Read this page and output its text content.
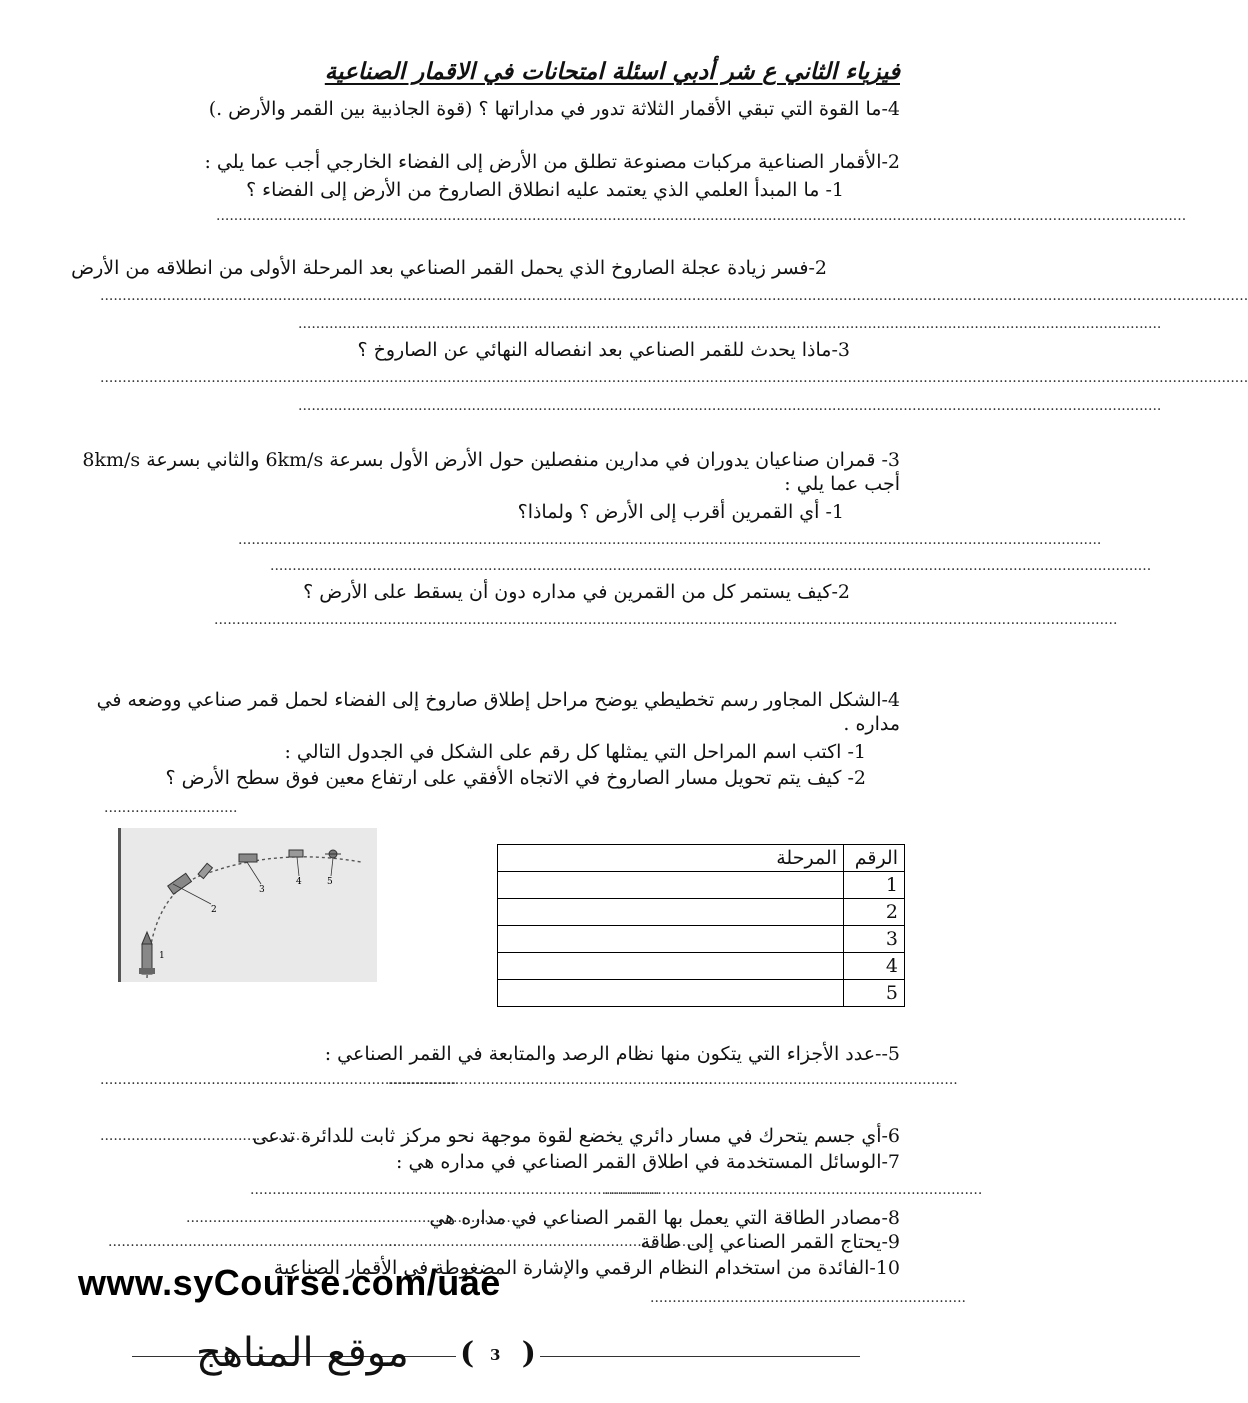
فيزياء الثاني ع شر أدبي اسئلة امتحانات في الاقمار الصناعية
4-ما القوة التي تبقي الأقمار الثلاثة تدور في مداراتها ؟ (قوة الجاذبية بين القمر والأرض .)
2-الأقمار الصناعية مركبات مصنوعة تطلق من الأرض إلى الفضاء الخارجي أجب عما يلي :
1- ما المبدأ العلمي الذي يعتمد عليه انطلاق الصاروخ من الأرض إلى الفضاء ؟
..........................................................................................................................................................................................................................
2-فسر زيادة عجلة الصاروخ الذي يحمل القمر الصناعي بعد المرحلة الأولى من انطلاقه من الأرض
..................................................................................................................................................................................................................................................................
..................................................................................................................................................................................................
3-ماذا يحدث للقمر الصناعي بعد انفصاله النهائي عن الصاروخ ؟
..................................................................................................................................................................................................................................................................
..................................................................................................................................................................................................
3- قمران صناعيان يدوران في مدارين منفصلين حول الأرض الأول بسرعة 6km/s والثاني بسرعة 8km/s
أجب عما يلي :
1- أي القمرين أقرب إلى الأرض ؟ ولماذا؟
..................................................................................................................................................................................................
......................................................................................................................................................................................................
2-كيف يستمر كل من القمرين في مداره دون أن يسقط على الأرض ؟
...........................................................................................................................................................................................................
4-الشكل المجاور رسم تخطيطي يوضح مراحل إطلاق صاروخ إلى الفضاء لحمل قمر صناعي ووضعه في
مداره .
1- اكتب اسم المراحل التي يمثلها كل رقم على الشكل في الجدول التالي :
2- كيف يتم تحويل مسار الصاروخ في الاتجاه الأفقي على ارتفاع معين فوق سطح الأرض ؟
..............................
1
2
3
4	5
المرحلة	الرقم
	1
	2
	3
	4
	5
5--عدد الأجزاء التي يتكون منها نظام الرصد والمتابعة في القمر الصناعي :
................................................................................
.........................................................................
..................................................................
6-أي جسم يتحرك في مسار دائري يخضع لقوة موجهة نحو مركز ثابت للدائرة تدعى
...............................................
7-الوسائل المستخدمة في اطلاق القمر الصناعي في مداره هي :
............................................................................................
.....................................................................................
8-مصادر الطاقة التي يعمل بها القمر الصناعي في مداره هي
.............................................................................
9-يحتاج القمر الصناعي إلى طاقة
.................................................................
........................................................................
10-الفائدة من استخدام النظام الرقمي والإشارة المضغوطة في الأقمار الصناعية
.......................................................................
www.syCourse.com/uae
موقع المناهج ( 3 )
